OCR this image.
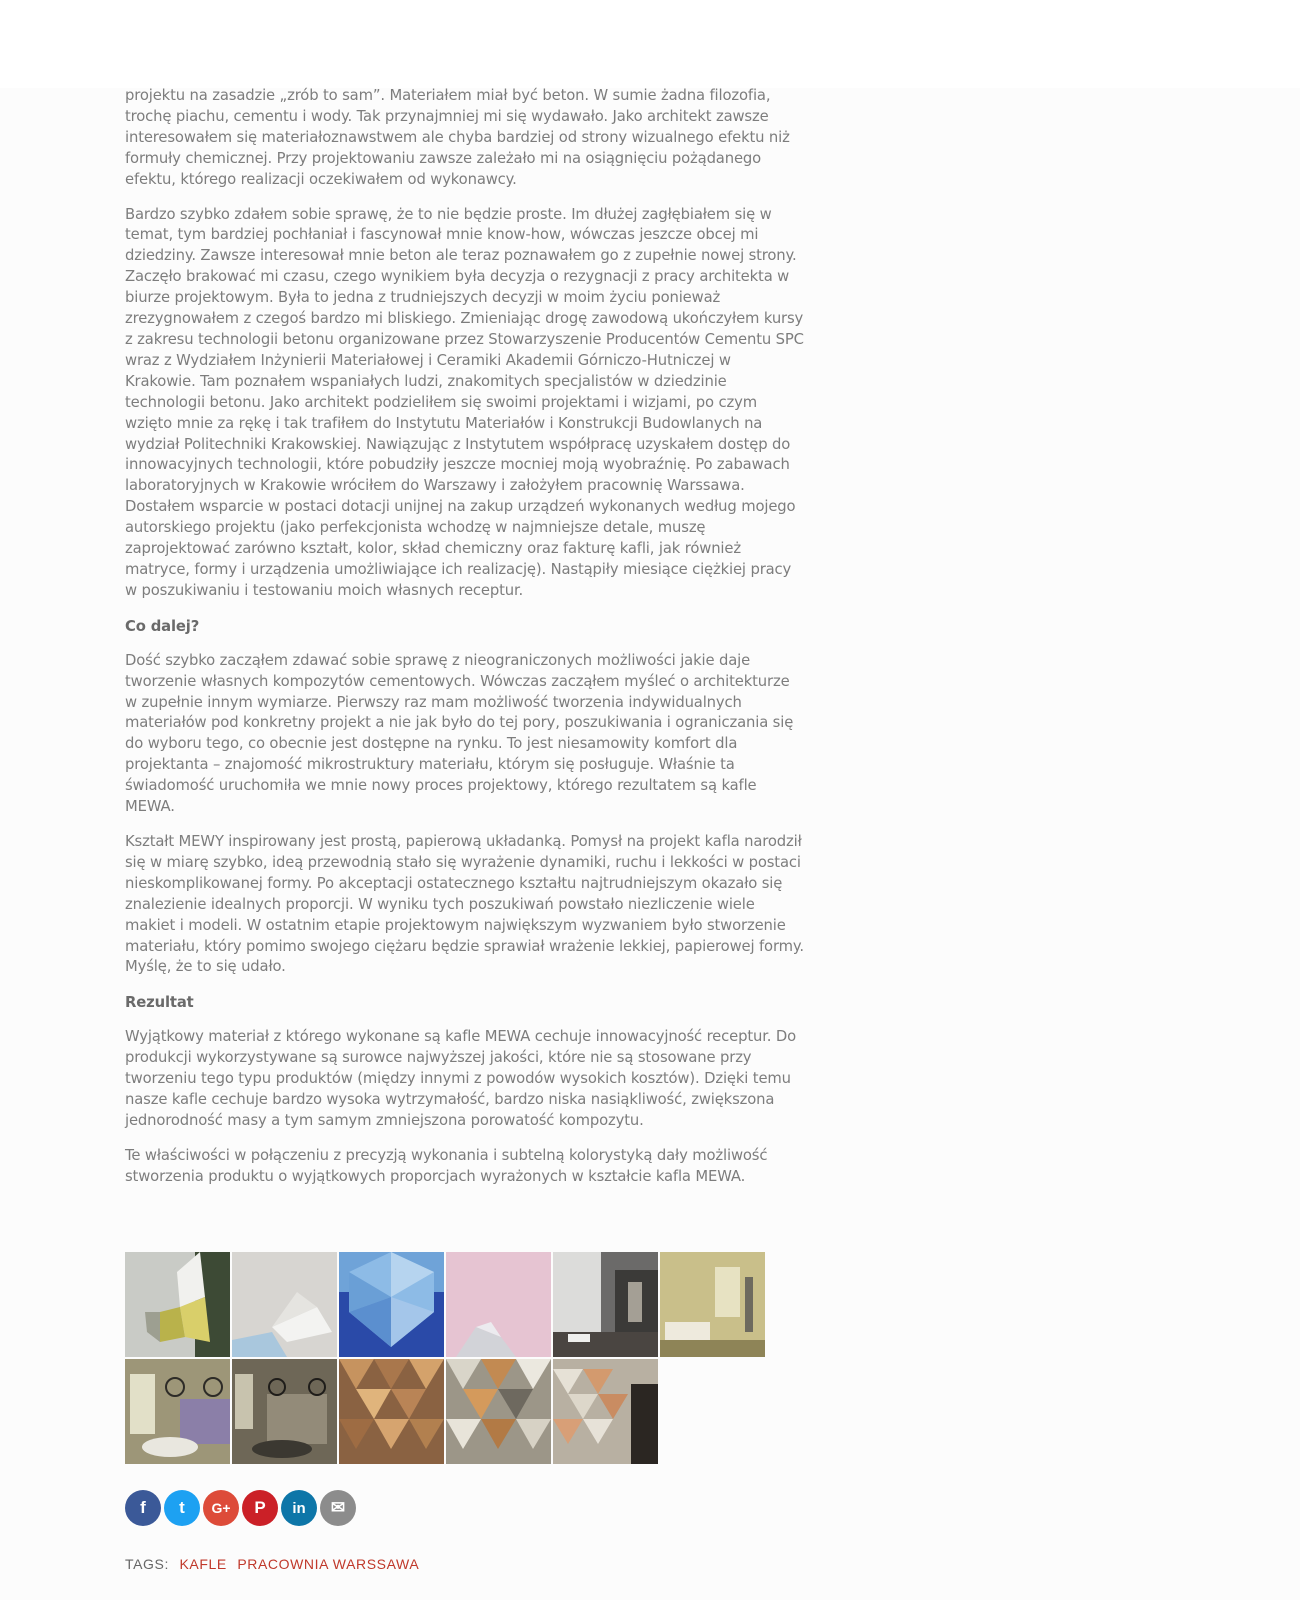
projektu na zasadzie „zrób to sam”. Materiałem miał być beton. W sumie żadna filozofia, trochę piachu, cementu i wody. Tak przynajmniej mi się wydawało. Jako architekt zawsze interesowałem się materiałoznawstwem ale chyba bardziej od strony wizualnego efektu niż formuły chemicznej. Przy projektowaniu zawsze zależało mi na osiągnięciu pożądanego efektu, którego realizacji oczekiwałem od wykonawcy.

Bardzo szybko zdałem sobie sprawę, że to nie będzie proste. Im dłużej zagłębiałem się w temat, tym bardziej pochłaniał i fascynował mnie know-how, wówczas jeszcze obcej mi dziedziny. Zawsze interesował mnie beton ale teraz poznawałem go z zupełnie nowej strony. Zaczęło brakować mi czasu, czego wynikiem była decyzja o rezygnacji z pracy architekta w biurze projektowym. Była to jedna z trudniejszych decyzji w moim życiu ponieważ zrezygnowałem z czegoś bardzo mi bliskiego. Zmieniając drogę zawodową ukończyłem kursy z zakresu technologii betonu organizowane przez Stowarzyszenie Producentów Cementu SPC wraz z Wydziałem Inżynierii Materiałowej i Ceramiki Akademii Górniczo-Hutniczej w Krakowie. Tam poznałem wspaniałych ludzi, znakomitych specjalistów w dziedzinie technologii betonu. Jako architekt podzieliłem się swoimi projektami i wizjami, po czym wzięto mnie za rękę i tak trafiłem do Instytutu Materiałów i Konstrukcji Budowlanych na wydział Politechniki Krakowskiej. Nawiązując z Instytutem współpracę uzyskałem dostęp do innowacyjnych technologii, które pobudziły jeszcze mocniej moją wyobraźnię. Po zabawach laboratoryjnych w Krakowie wróciłem do Warszawy i założyłem pracownię Warssawa. Dostałem wsparcie w postaci dotacji unijnej na zakup urządzeń wykonanych według mojego autorskiego projektu (jako perfekcjonista wchodzę w najmniejsze detale, muszę zaprojektować zarówno kształt, kolor, skład chemiczny oraz fakturę kafli, jak również matryce, formy i urządzenia umożliwiające ich realizację). Nastąpiły miesiące ciężkiej pracy w poszukiwaniu i testowaniu moich własnych receptur.

Co dalej?

Dość szybko zacząłem zdawać sobie sprawę z nieograniczonych możliwości jakie daje tworzenie własnych kompozytów cementowych. Wówczas zacząłem myśleć o architekturze w zupełnie innym wymiarze. Pierwszy raz mam możliwość tworzenia indywidualnych materiałów pod konkretny projekt a nie jak było do tej pory, poszukiwania i ograniczania się do wyboru tego, co obecnie jest dostępne na rynku. To jest niesamowity komfort dla projektanta – znajomość mikrostruktury materiału, którym się posługuje. Właśnie ta świadomość uruchomiła we mnie nowy proces projektowy, którego rezultatem są kafle MEWA.

Kształt MEWY inspirowany jest prostą, papierową układanką. Pomysł na projekt kafla narodził się w miarę szybko, ideą przewodnią stało się wyrażenie dynamiki, ruchu i lekkości w postaci nieskomplikowanej formy. Po akceptacji ostatecznego kształtu najtrudniejszym okazało się znalezienie idealnych proporcji. W wyniku tych poszukiwań powstało niezliczenie wiele makiet i modeli. W ostatnim etapie projektowym największym wyzwaniem było stworzenie materiału, który pomimo swojego ciężaru będzie sprawiał wrażenie lekkiej, papierowej formy. Myślę, że to się udało.

Rezultat

Wyjątkowy materiał z którego wykonane są kafle MEWA cechuje innowacyjność receptur. Do produkcji wykorzystywane są surowce najwyższej jakości, które nie są stosowane przy tworzeniu tego typu produktów (między innymi z powodów wysokich kosztów). Dzięki temu nasze kafle cechuje bardzo wysoka wytrzymałość, bardzo niska nasiąkliwość, zwiększona jednorodność masy a tym samym zmniejszona porowatość kompozytu.

Te właściwości w połączeniu z precyzją wykonania i subtelną kolorystyką dały możliwość stworzenia produktu o wyjątkowych proporcjach wyrażonych w kształcie kafla MEWA.

f t G+ P in ✉
TAGS: KAFLE PRACOWNIA WARSSAWA
